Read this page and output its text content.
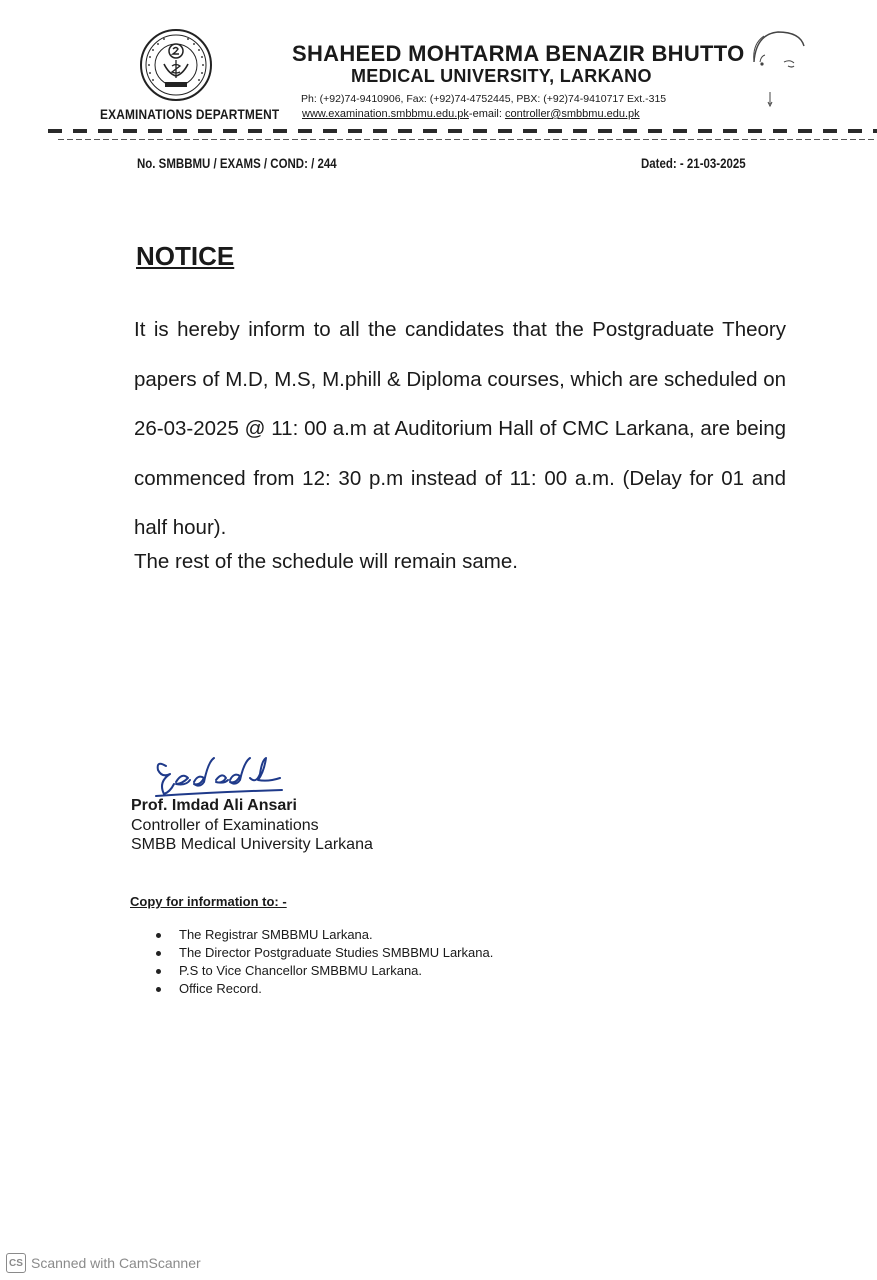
EXAMINATIONS DEPARTMENT
SHAHEED MOHTARMA BENAZIR BHUTTO
MEDICAL UNIVERSITY, LARKANO
Ph: (+92)74-9410906, Fax: (+92)74-4752445, PBX: (+92)74-9410717 Ext.-315
www.examination.smbbmu.edu.pk-email: controller@smbbmu.edu.pk
No. SMBBMU / EXAMS / COND: / 244	Dated: - 21-03-2025
NOTICE

It is hereby inform to all the candidates that the Postgraduate Theory papers of M.D, M.S, M.phill & Diploma courses, which are scheduled on 26-03-2025 @ 11: 00 a.m at Auditorium Hall of CMC Larkana, are being commenced from 12: 30 p.m instead of 11: 00 a.m. (Delay for 01 and half hour).

The rest of the schedule will remain same.
Prof. Imdad Ali Ansari
Controller of Examinations
SMBB Medical University Larkana
Copy for information to: -
The Registrar SMBBMU Larkana.
The Director Postgraduate Studies SMBBMU Larkana.
P.S to Vice Chancellor SMBBMU Larkana.
Office Record.
CS Scanned with CamScanner
